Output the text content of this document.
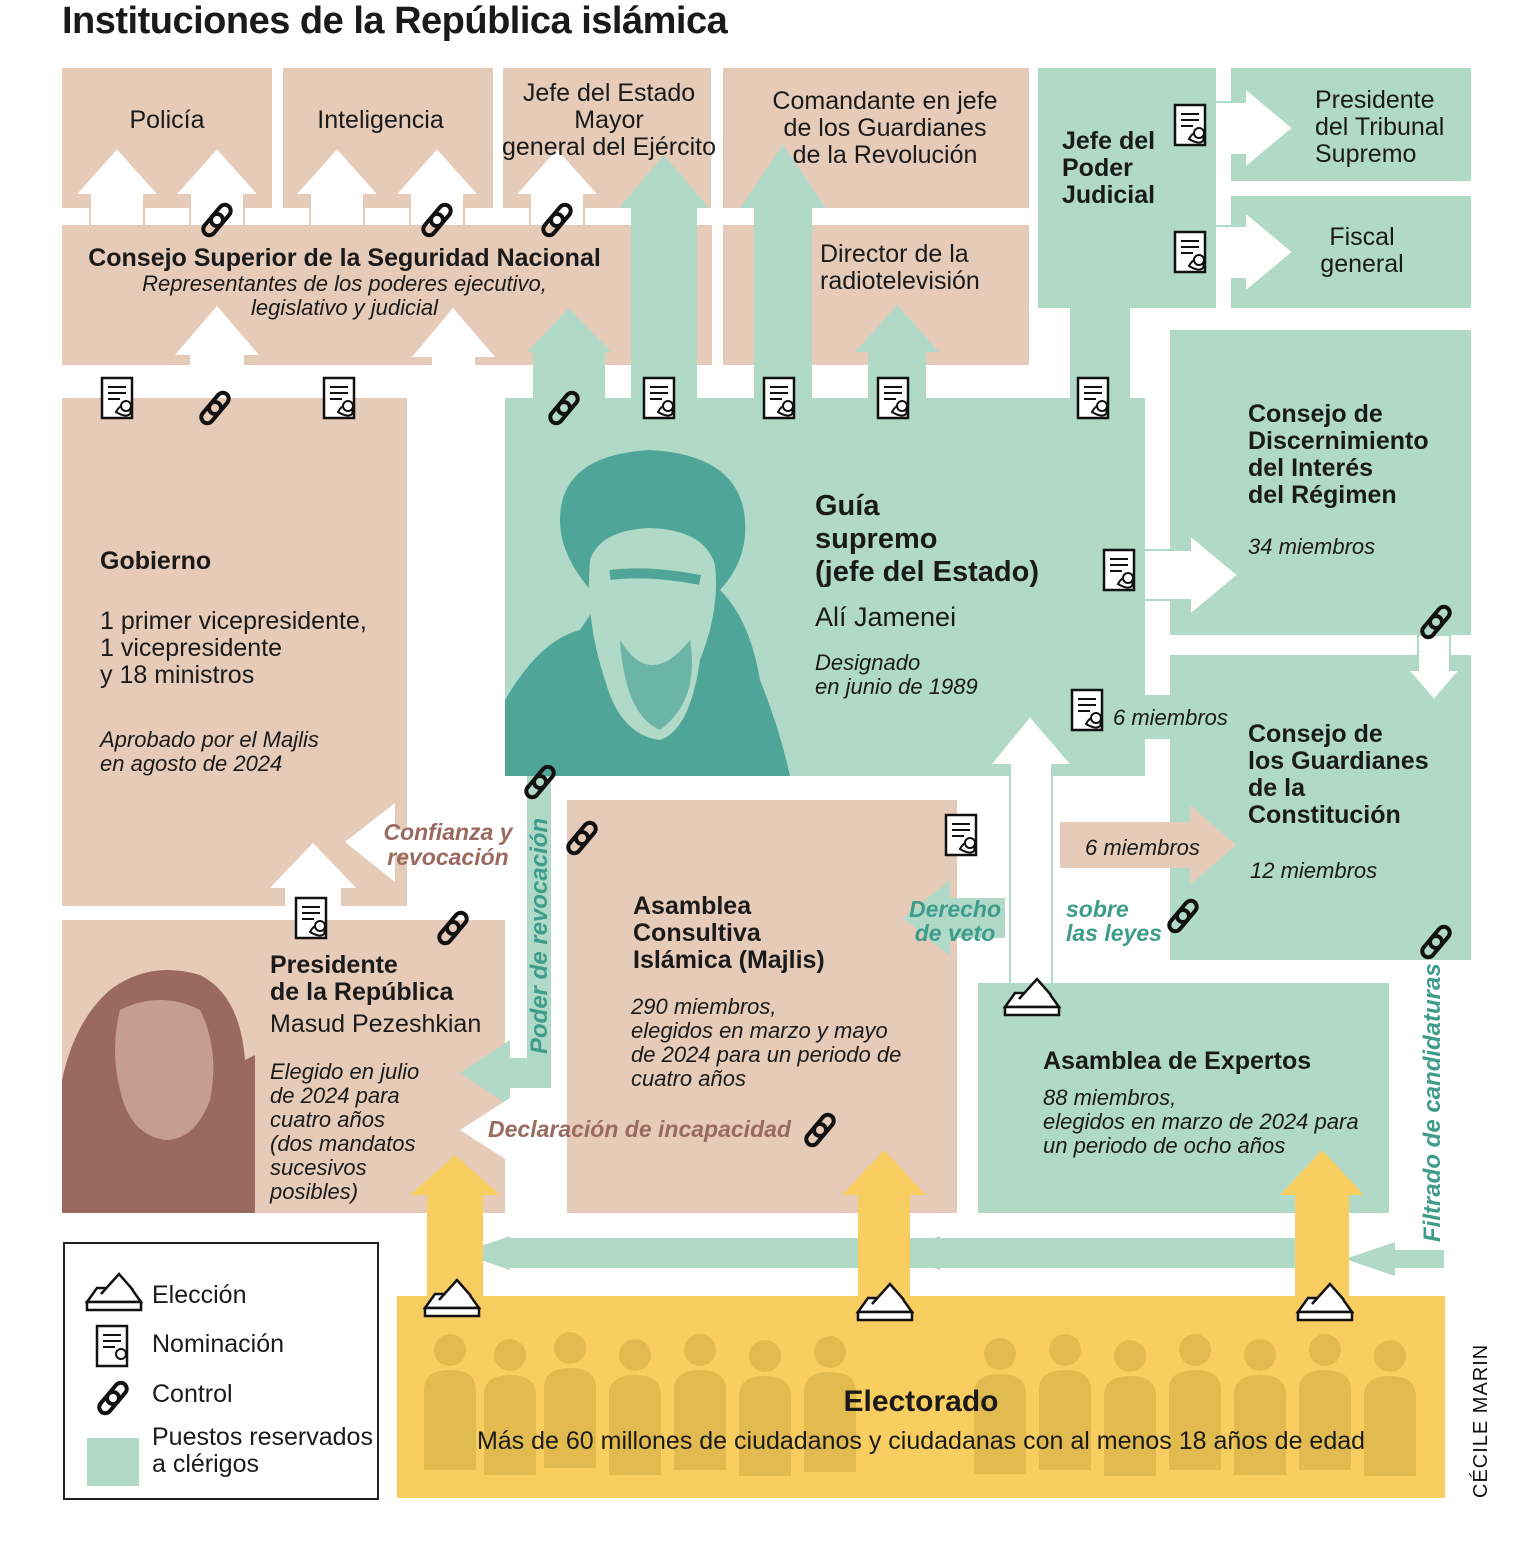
Instituciones de la República islámica
Policía	Inteligencia
Jefe del Estado Mayor
general del Ejército
Comandante en jefe
de los Guardianes
de la Revolución
Director de la
radiotelevisión
Jefe del
Poder
Judicial
Presidente
del Tribunal
Supremo
Fiscal
general
Consejo Superior de la Seguridad Nacional
Representantes de los poderes ejecutivo,
legislativo y judicial
Gobierno
1 primer vicepresidente,
1 vicepresidente
y 18 ministros
Aprobado por el Majlis
en agosto de 2024
Guía
supremo
(jefe del Estado)
Alí Jamenei
Designado
en junio de 1989
Consejo de
Discernimiento
del Interés
del Régimen
34 miembros
Consejo de
los Guardianes
de la
Constitución
12 miembros
Presidente
de la República
Masud Pezeshkian
Elegido en julio
de 2024 para
cuatro años
(dos mandatos
sucesivos
posibles)
Asamblea
Consultiva
Islámica (Majlis)
290 miembros,
elegidos en marzo y mayo
de 2024 para un periodo de
cuatro años
Asamblea de Expertos
88 miembros,
elegidos en marzo de 2024 para
un periodo de ocho años
Electorado
Más de 60 millones de ciudadanos y ciudadanas con al menos 18 años de edad
Confianza y
revocación Poder de revocación
Declaración de incapacidad
Derecho
de veto
sobre
las leyes
6 miembros
6 miembros
Filtrado de candidaturas
Elección
Nominación
Control
Puestos reservados
a clérigos	CÉCILE MARIN
